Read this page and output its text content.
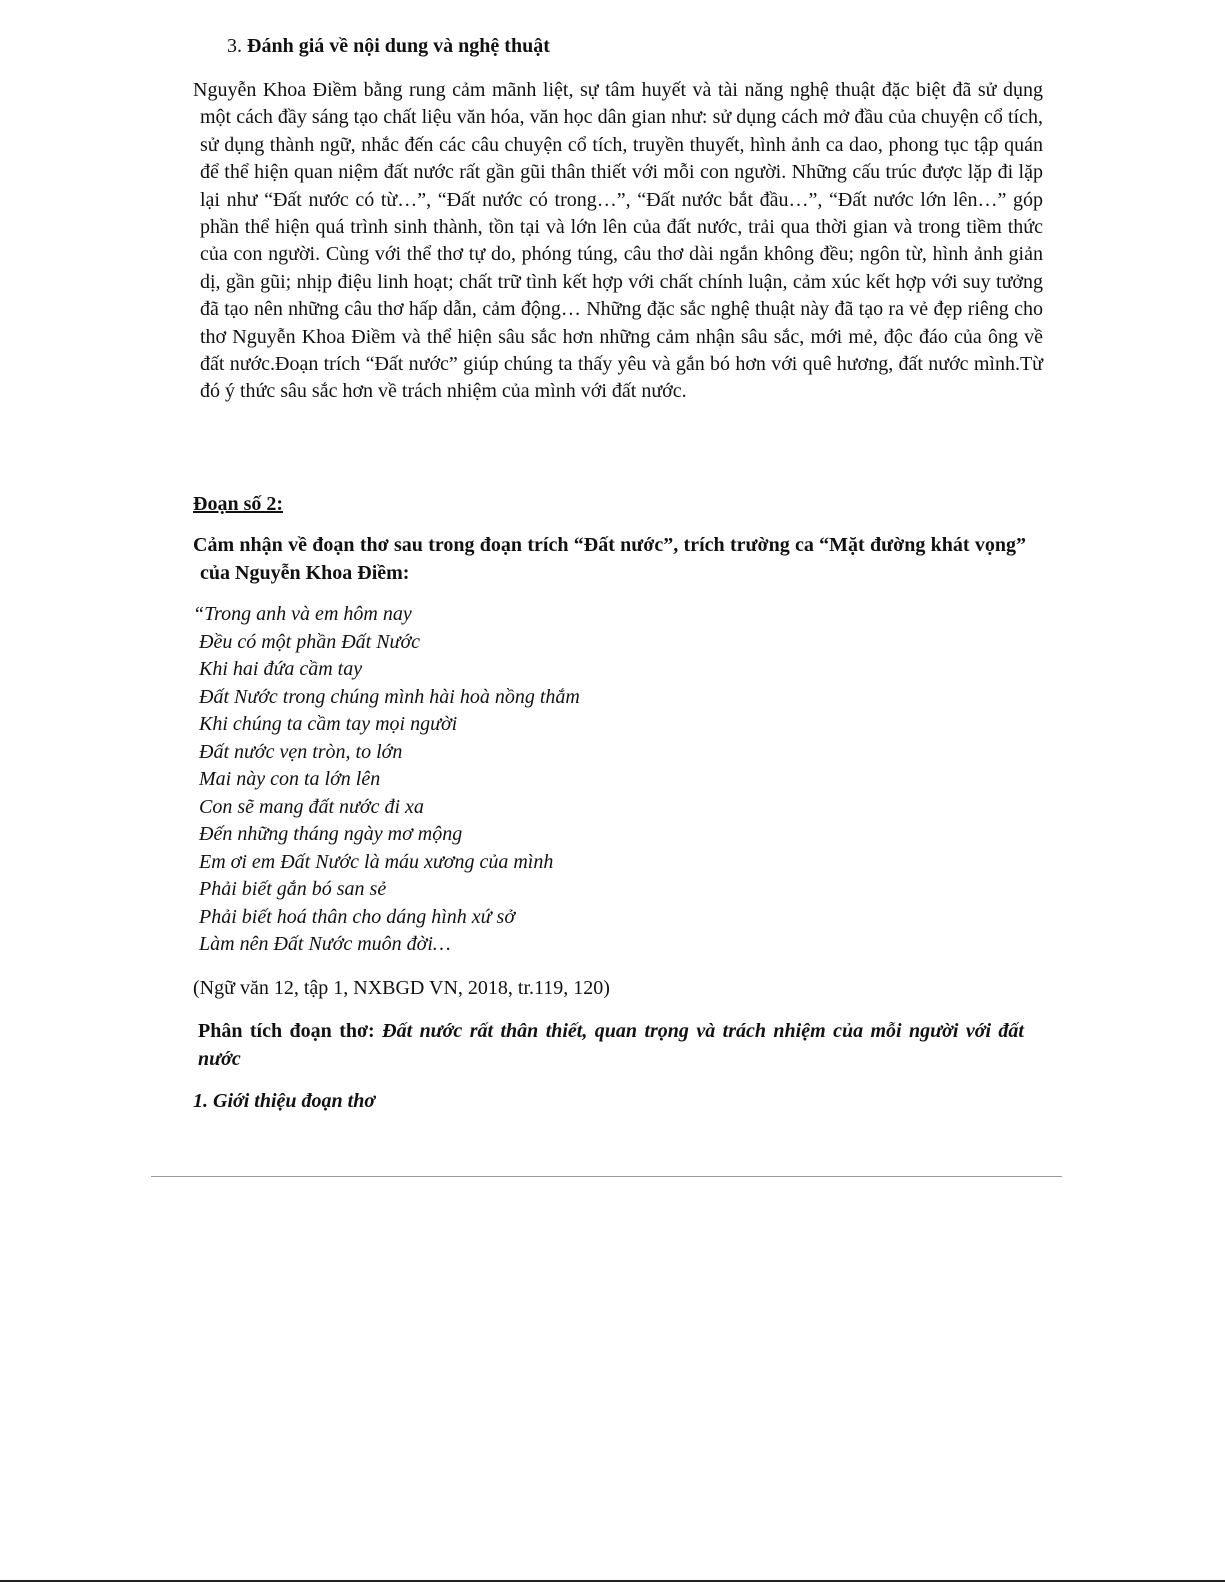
3. Đánh giá về nội dung và nghệ thuật

Nguyễn Khoa Điềm bằng rung cảm mãnh liệt, sự tâm huyết và tài năng nghệ thuật đặc biệt đã sử dụng một cách đầy sáng tạo chất liệu văn hóa, văn học dân gian như: sử dụng cách mở đầu của chuyện cổ tích, sử dụng thành ngữ, nhắc đến các câu chuyện cổ tích, truyền thuyết, hình ảnh ca dao, phong tục tập quán để thể hiện quan niệm đất nước rất gần gũi thân thiết với mỗi con người. Những cấu trúc được lặp đi lặp lại như “Đất nước có từ…”, “Đất nước có trong…”, “Đất nước bắt đầu…”, “Đất nước lớn lên…” góp phần thể hiện quá trình sinh thành, tồn tại và lớn lên của đất nước, trải qua thời gian và trong tiềm thức của con người. Cùng với thể thơ tự do, phóng túng, câu thơ dài ngắn không đều; ngôn từ, hình ảnh giản dị, gần gũi; nhịp điệu linh hoạt; chất trữ tình kết hợp với chất chính luận, cảm xúc kết hợp với suy tưởng đã tạo nên những câu thơ hấp dẫn, cảm động… Những đặc sắc nghệ thuật này đã tạo ra vẻ đẹp riêng cho thơ Nguyễn Khoa Điềm và thể hiện sâu sắc hơn những cảm nhận sâu sắc, mới mẻ, độc đáo của ông về đất nước.Đoạn trích “Đất nước” giúp chúng ta thấy yêu và gắn bó hơn với quê hương, đất nước mình.Từ đó ý thức sâu sắc hơn về trách nhiệm của mình với đất nước.

Đoạn số 2:

Cảm nhận về đoạn thơ sau trong đoạn trích “Đất nước”, trích trường ca “Mặt đường khát vọng” của Nguyễn Khoa Điềm:

“Trong anh và em hôm nay
Đều có một phần Đất Nước
Khi hai đứa cầm tay
Đất Nước trong chúng mình hài hoà nồng thắm
Khi chúng ta cầm tay mọi người
Đất nước vẹn tròn, to lớn
Mai này con ta lớn lên
Con sẽ mang đất nước đi xa
Đến những tháng ngày mơ mộng
Em ơi em Đất Nước là máu xương của mình
Phải biết gắn bó san sẻ
Phải biết hoá thân cho dáng hình xứ sở
Làm nên Đất Nước muôn đời…

(Ngữ văn 12, tập 1, NXBGD VN, 2018, tr.119, 120)

Phân tích đoạn thơ: Đất nước rất thân thiết, quan trọng và trách nhiệm của mỗi người với đất nước

1. Giới thiệu đoạn thơ
